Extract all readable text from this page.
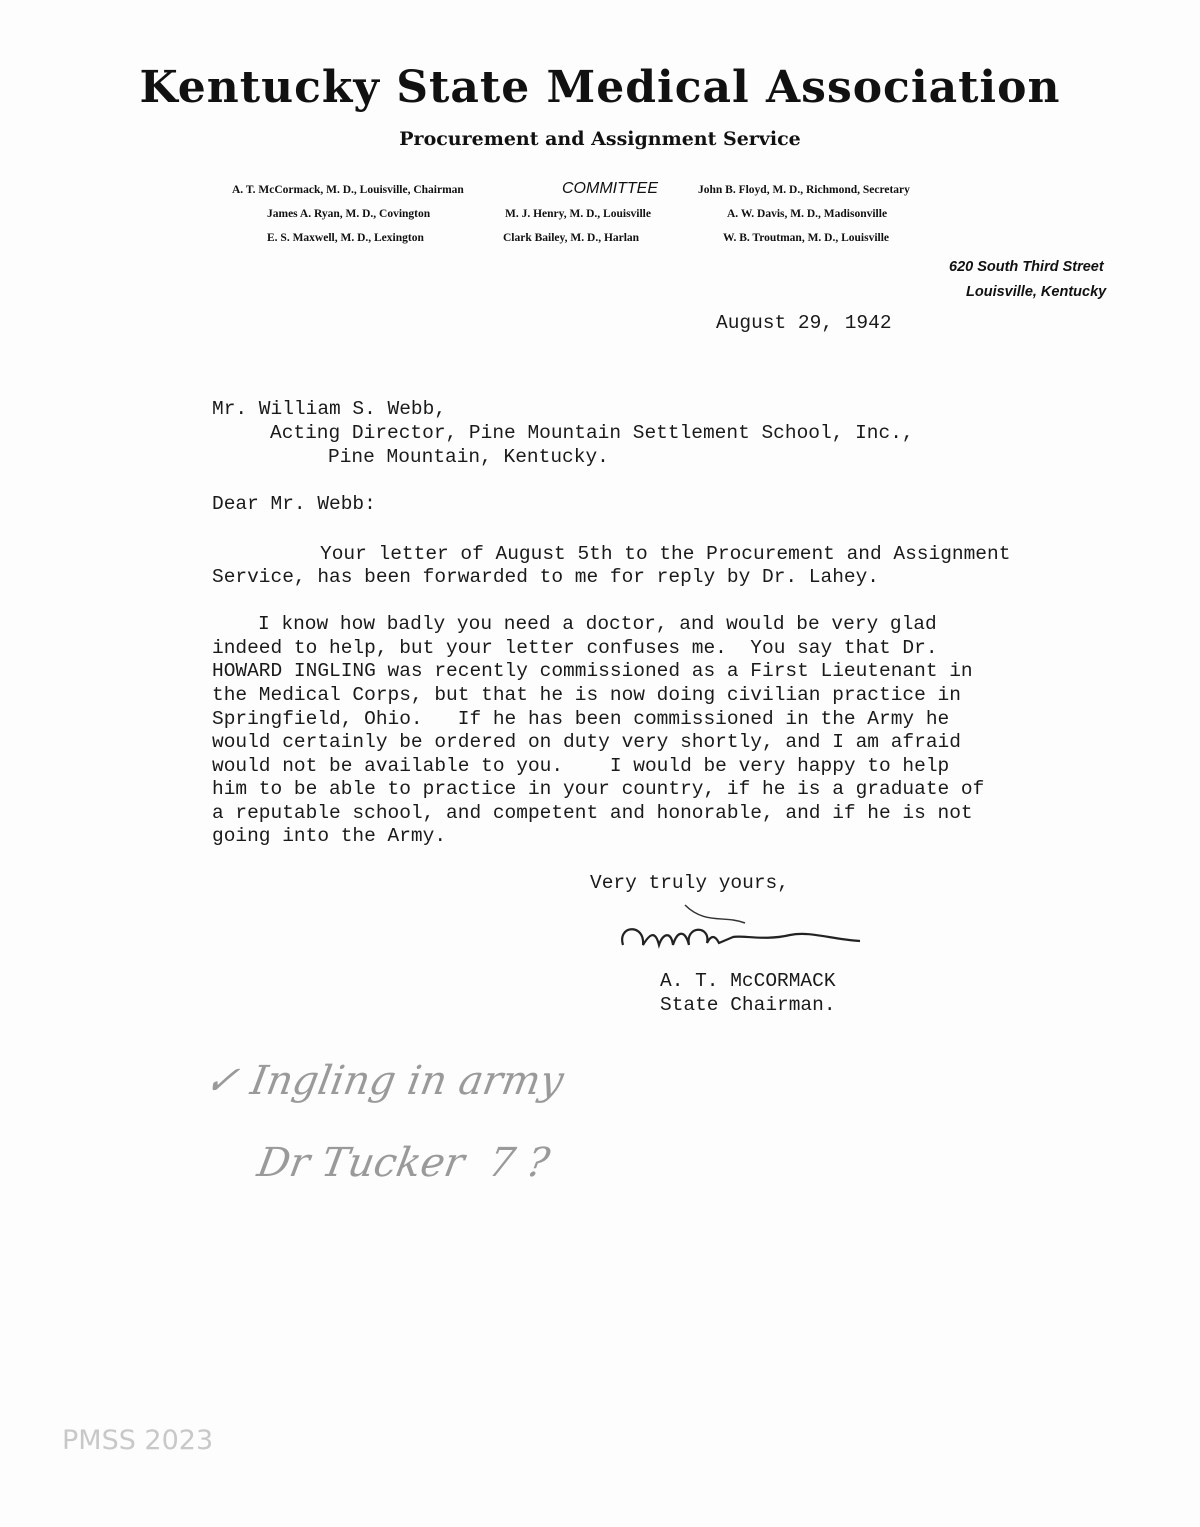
Kentucky State Medical Association
Procurement and Assignment Service
A. T. McCormack, M. D., Louisville, Chairman	COMMITTEE	John B. Floyd, M. D., Richmond, Secretary
James A. Ryan, M. D., Covington	M. J. Henry, M. D., Louisville	A. W. Davis, M. D., Madisonville
E. S. Maxwell, M. D., Lexington	Clark Bailey, M. D., Harlan	W. B. Troutman, M. D., Louisville
620 South Third Street
Louisville, Kentucky
August 29, 1942
Mr. William S. Webb,
Acting Director, Pine Mountain Settlement School, Inc.,
Pine Mountain, Kentucky.
Dear Mr. Webb:
Your letter of August 5th to the Procurement and Assignment
Service, has been forwarded to me for reply by Dr. Lahey.
I know how badly you need a doctor, and would be very glad
indeed to help, but your letter confuses me.  You say that Dr.
HOWARD INGLING was recently commissioned as a First Lieutenant in
the Medical Corps, but that he is now doing civilian practice in
Springfield, Ohio.   If he has been commissioned in the Army he
would certainly be ordered on duty very shortly, and I am afraid
would not be available to you.    I would be very happy to help
him to be able to practice in your country, if he is a graduate of
a reputable school, and competent and honorable, and if he is not
going into the Army.
Very truly yours,
A. T. McCORMACK
State Chairman.
✓ Ingling in army
Dr Tucker  7 ?
PMSS 2023
